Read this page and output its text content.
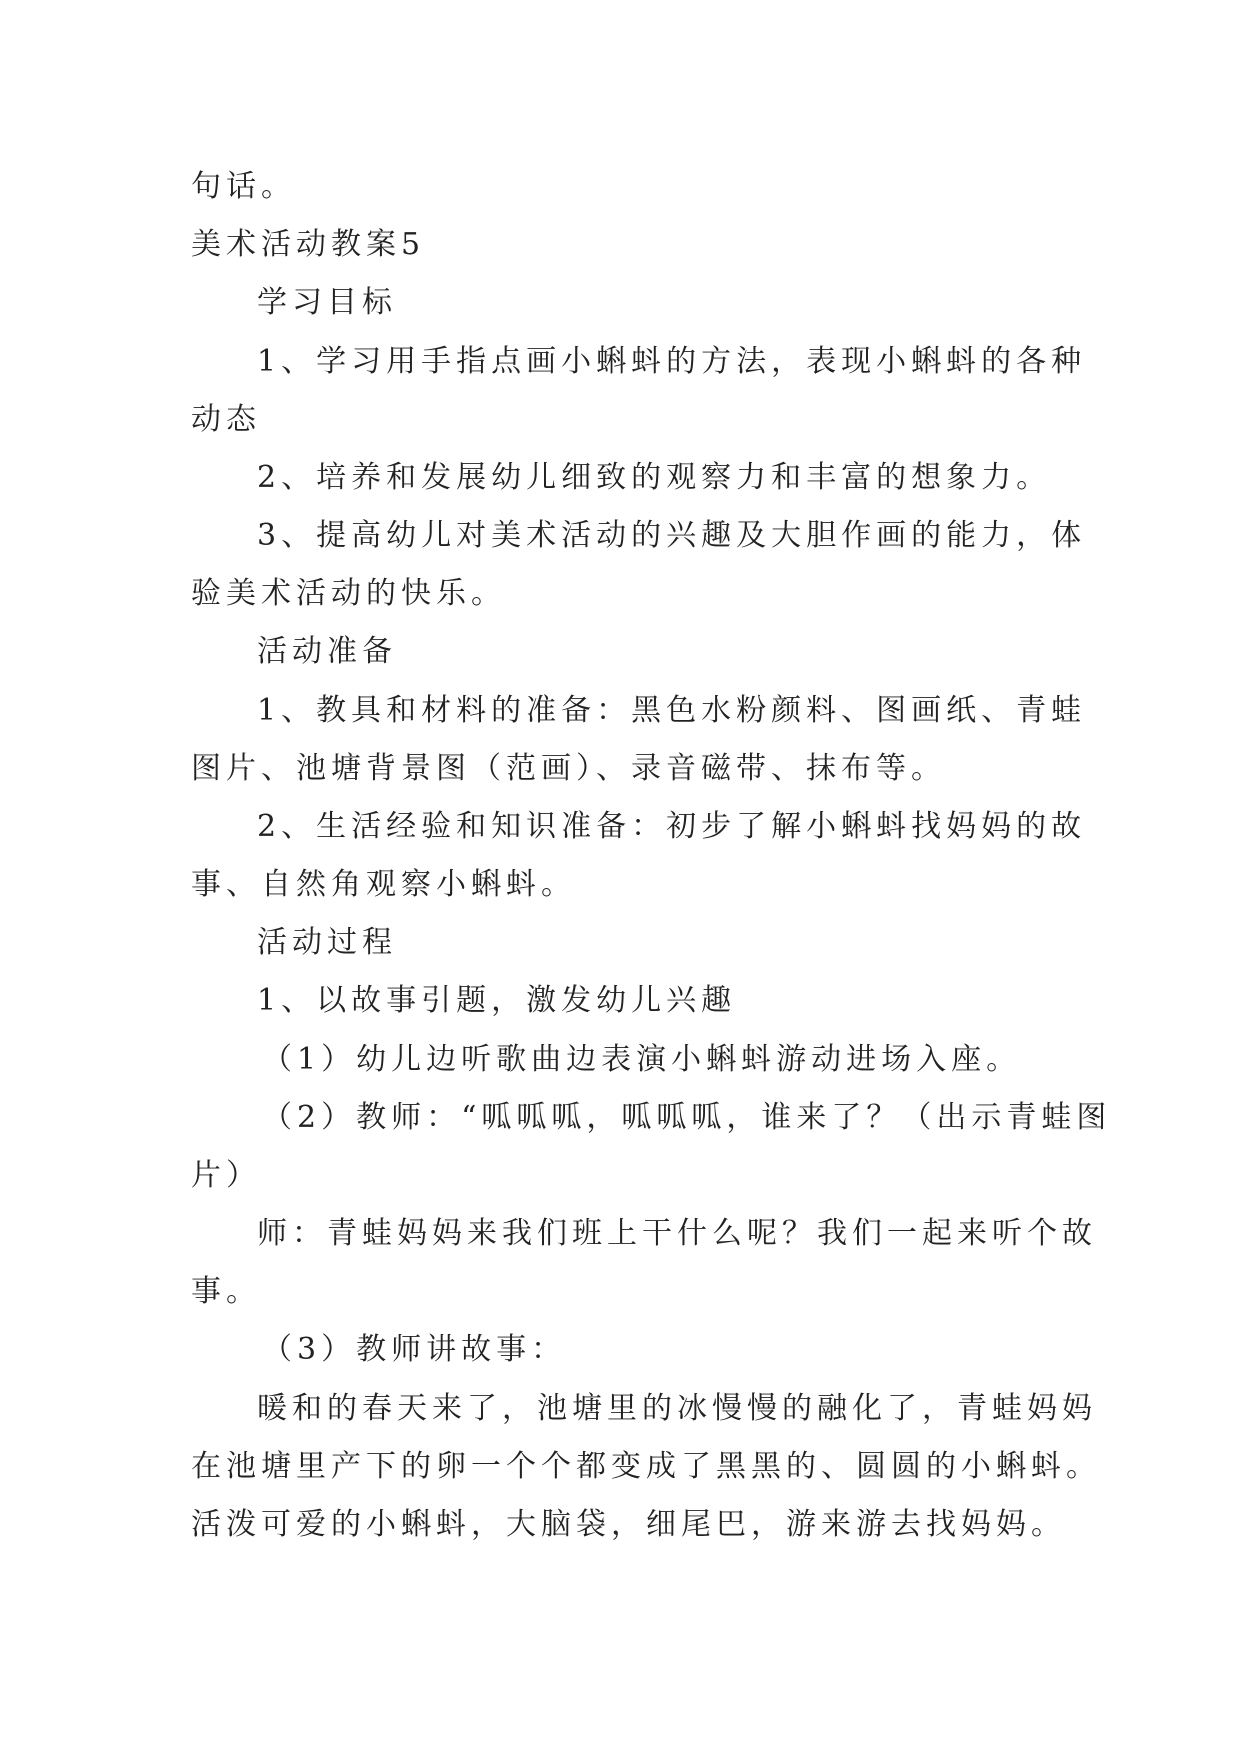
句话。
美术活动教案5
学习目标
1、学习用手指点画小蝌蚪的方法，表现小蝌蚪的各种
动态
2、培养和发展幼儿细致的观察力和丰富的想象力。
3、提高幼儿对美术活动的兴趣及大胆作画的能力，体
验美术活动的快乐。
活动准备
1、教具和材料的准备：黑色水粉颜料、图画纸、青蛙
图片、池塘背景图（范画）、录音磁带、抹布等。
2、生活经验和知识准备：初步了解小蝌蚪找妈妈的故
事、自然角观察小蝌蚪。
活动过程
1、以故事引题，激发幼儿兴趣
（1）幼儿边听歌曲边表演小蝌蚪游动进场入座。
（2）教师：“呱呱呱，呱呱呱，谁来了？（出示青蛙图
片）
师：青蛙妈妈来我们班上干什么呢？我们一起来听个故
事。
（3）教师讲故事：
暖和的春天来了，池塘里的冰慢慢的融化了，青蛙妈妈
在池塘里产下的卵一个个都变成了黑黑的、圆圆的小蝌蚪。
活泼可爱的小蝌蚪，大脑袋，细尾巴，游来游去找妈妈。
